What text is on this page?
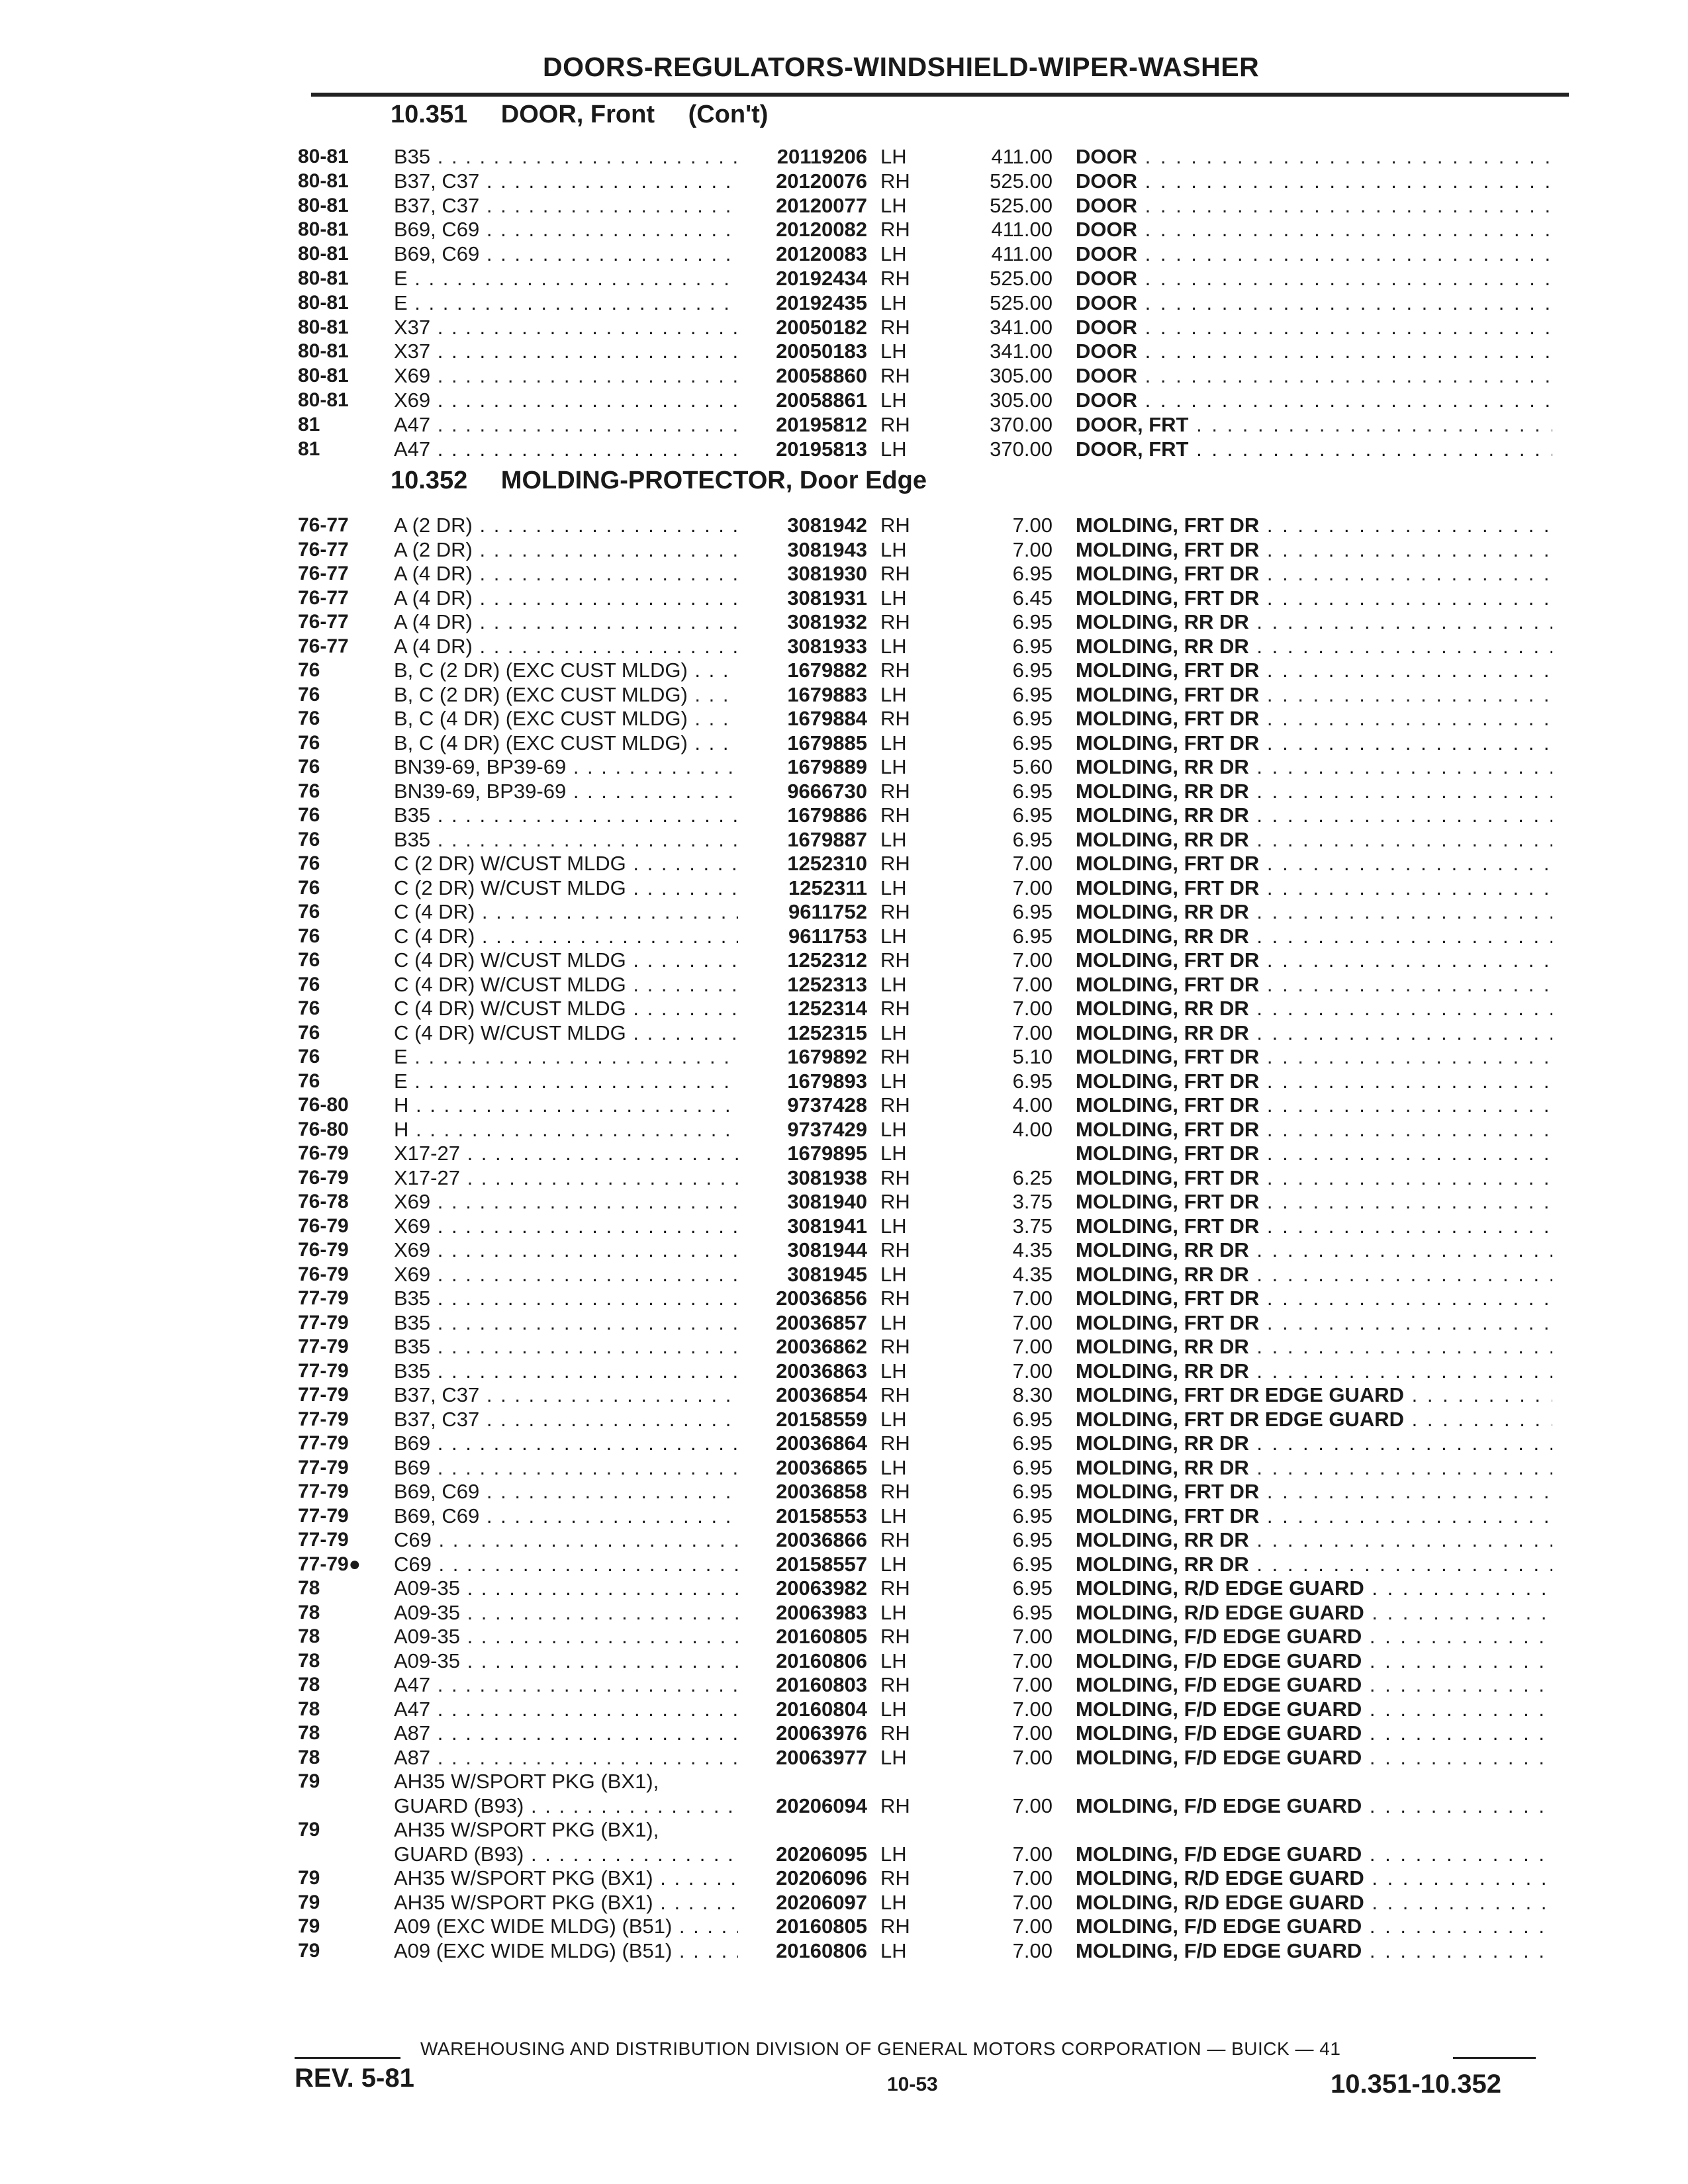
DOORS-REGULATORS-WINDSHIELD-WIPER-WASHER
10.351 DOOR, Front (Con't)
10.352 MOLDING-PROTECTOR, Door Edge
80-81 B35 . . .	20119206 LH	411.00 DOOR . . .
80-81 B37, C37 . . .	20120076 RH	525.00 DOOR . . .
80-81 B37, C37 . . .	20120077 LH	525.00 DOOR . . .
80-81 B69, C69 . . .	20120082 RH	411.00 DOOR . . .
80-81 B69, C69 . . .	20120083 LH	411.00 DOOR . . .
80-81 E . . .	20192434 RH	525.00 DOOR . . .
80-81 E . . .	20192435 LH	525.00 DOOR . . .
80-81 X37 . . .	20050182 RH	341.00 DOOR . . .
80-81 X37 . . .	20050183 LH	341.00 DOOR . . .
80-81 X69 . . .	20058860 RH	305.00 DOOR . . .
80-81 X69 . . .	20058861 LH	305.00 DOOR . . .
81	A47 . . .	20195812 RH	370.00 DOOR, FRT . . .
81	A47 . . .	20195813 LH	370.00 DOOR, FRT . . .
76-77 A (2 DR) . . .	3081942 RH	7.00 MOLDING, FRT DR . . .
76-77 A (2 DR) . . .	3081943 LH	7.00 MOLDING, FRT DR . . .
76-77 A (4 DR) . . .	3081930 RH	6.95 MOLDING, FRT DR . . .
76-77 A (4 DR) . . .	3081931 LH	6.45 MOLDING, FRT DR . . .
76-77 A (4 DR) . . .	3081932 RH	6.95 MOLDING, RR DR . . .
76-77 A (4 DR) . . .	3081933 LH	6.95 MOLDING, RR DR . . .
76	B, C (2 DR) (EXC CUST MLDG) . . .	1679882 RH	6.95 MOLDING, FRT DR . . .
76	B, C (2 DR) (EXC CUST MLDG) . . .	1679883 LH	6.95 MOLDING, FRT DR . . .
76	B, C (4 DR) (EXC CUST MLDG) . . .	1679884 RH	6.95 MOLDING, FRT DR . . .
76	B, C (4 DR) (EXC CUST MLDG) . . .	1679885 LH	6.95 MOLDING, FRT DR . . .
76	BN39-69, BP39-69 . . .	1679889 LH	5.60 MOLDING, RR DR . . .
76	BN39-69, BP39-69 . . .	9666730 RH	6.95 MOLDING, RR DR . . .
76	B35 . . .	1679886 RH	6.95 MOLDING, RR DR . . .
76	B35 . . .	1679887 LH	6.95 MOLDING, RR DR . . .
76	C (2 DR) W/CUST MLDG . . .	1252310 RH	7.00 MOLDING, FRT DR . . .
76	C (2 DR) W/CUST MLDG . . .	1252311 LH	7.00 MOLDING, FRT DR . . .
76	C (4 DR) . . .	9611752 RH	6.95 MOLDING, RR DR . . .
76	C (4 DR) . . .	9611753 LH	6.95 MOLDING, RR DR . . .
76	C (4 DR) W/CUST MLDG . . .	1252312 RH	7.00 MOLDING, FRT DR . . .
76	C (4 DR) W/CUST MLDG . . .	1252313 LH	7.00 MOLDING, FRT DR . . .
76	C (4 DR) W/CUST MLDG . . .	1252314 RH	7.00 MOLDING, RR DR . . .
76	C (4 DR) W/CUST MLDG . . .	1252315 LH	7.00 MOLDING, RR DR . . .
76	E . . .	1679892 RH	5.10 MOLDING, FRT DR . . .
76	E . . .	1679893 LH	6.95 MOLDING, FRT DR . . .
76-80 H . . .	9737428 RH	4.00 MOLDING, FRT DR . . .
76-80 H . . .	9737429 LH	4.00 MOLDING, FRT DR . . .
76-79 X17-27 . . .	1679895 LH	MOLDING, FRT DR . . .
76-79 X17-27 . . .	3081938 RH	6.25 MOLDING, FRT DR . . .
76-78 X69 . . .	3081940 RH	3.75 MOLDING, FRT DR . . .
76-79 X69 . . .	3081941 LH	3.75 MOLDING, FRT DR . . .
76-79 X69 . . .	3081944 RH	4.35 MOLDING, RR DR . . .
76-79 X69 . . .	3081945 LH	4.35 MOLDING, RR DR . . .
77-79 B35 . . .	20036856 RH	7.00 MOLDING, FRT DR . . .
77-79 B35 . . .	20036857 LH	7.00 MOLDING, FRT DR . . .
77-79 B35 . . .	20036862 RH	7.00 MOLDING, RR DR . . .
77-79 B35 . . .	20036863 LH	7.00 MOLDING, RR DR . . .
77-79 B37, C37 . . .	20036854 RH	8.30 MOLDING, FRT DR EDGE GUARD . . .
77-79 B37, C37 . . .	20158559 LH	6.95 MOLDING, FRT DR EDGE GUARD . . .
77-79 B69 . . .	20036864 RH	6.95 MOLDING, RR DR . . .
77-79 B69 . . .	20036865 LH	6.95 MOLDING, RR DR . . .
77-79 B69, C69 . . .	20036858 RH	6.95 MOLDING, FRT DR . . .
77-79 B69, C69 . . .	20158553 LH	6.95 MOLDING, FRT DR . . .
77-79 C69 . . .	20036866 RH	6.95 MOLDING, RR DR . . .
77-79● C69 . . .	20158557 LH	6.95 MOLDING, RR DR . . .
78	A09-35 . . .	20063982 RH	6.95 MOLDING, R/D EDGE GUARD . . .
78	A09-35 . . .	20063983 LH	6.95 MOLDING, R/D EDGE GUARD . . .
78	A09-35 . . .	20160805 RH	7.00 MOLDING, F/D EDGE GUARD . . .
78	A09-35 . . .	20160806 LH	7.00 MOLDING, F/D EDGE GUARD . . .
78	A47 . . .	20160803 RH	7.00 MOLDING, F/D EDGE GUARD . . .
78	A47 . . .	20160804 LH	7.00 MOLDING, F/D EDGE GUARD . . .
78	A87 . . .	20063976 RH	7.00 MOLDING, F/D EDGE GUARD . . .
78	A87 . . .	20063977 LH	7.00 MOLDING, F/D EDGE GUARD . . .
79	AH35 W/SPORT PKG (BX1),
GUARD (B93) . . .	20206094 RH	7.00 MOLDING, F/D EDGE GUARD . . .
79	AH35 W/SPORT PKG (BX1),
GUARD (B93) . . .	20206095 LH	7.00 MOLDING, F/D EDGE GUARD . . .
79	AH35 W/SPORT PKG (BX1) . . .	20206096 RH	7.00 MOLDING, R/D EDGE GUARD . . .
79	AH35 W/SPORT PKG (BX1) . . .	20206097 LH	7.00 MOLDING, R/D EDGE GUARD . . .
79	A09 (EXC WIDE MLDG) (B51) . . .	20160805 RH	7.00 MOLDING, F/D EDGE GUARD . . .
79	A09 (EXC WIDE MLDG) (B51) . . .	20160806 LH	7.00 MOLDING, F/D EDGE GUARD . . .
WAREHOUSING AND DISTRIBUTION DIVISION OF GENERAL MOTORS CORPORATION — BUICK — 41
REV. 5-81	10-53	10.351-10.352
